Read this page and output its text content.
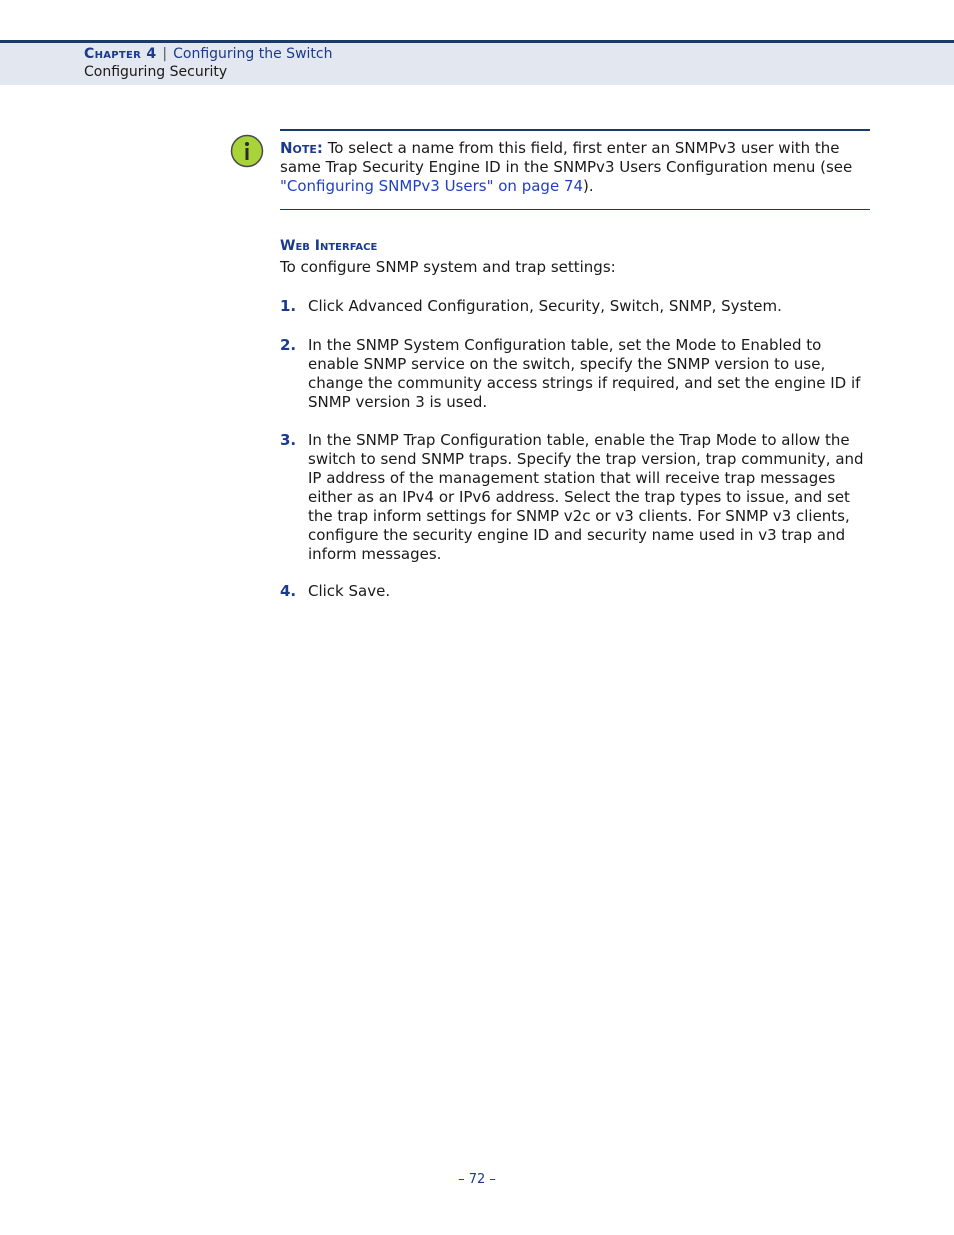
Chapter 4 | Configuring the Switch
Configuring Security
Note: To select a name from this field, first enter an SNMPv3 user with the same Trap Security Engine ID in the SNMPv3 Users Configuration menu (see "Configuring SNMPv3 Users" on page 74).
Web Interface
To configure SNMP system and trap settings:
1. Click Advanced Configuration, Security, Switch, SNMP, System.
2. In the SNMP System Configuration table, set the Mode to Enabled to enable SNMP service on the switch, specify the SNMP version to use, change the community access strings if required, and set the engine ID if SNMP version 3 is used.
3. In the SNMP Trap Configuration table, enable the Trap Mode to allow the switch to send SNMP traps. Specify the trap version, trap community, and IP address of the management station that will receive trap messages either as an IPv4 or IPv6 address. Select the trap types to issue, and set the trap inform settings for SNMP v2c or v3 clients. For SNMP v3 clients, configure the security engine ID and security name used in v3 trap and inform messages.
4. Click Save.
– 72 –
